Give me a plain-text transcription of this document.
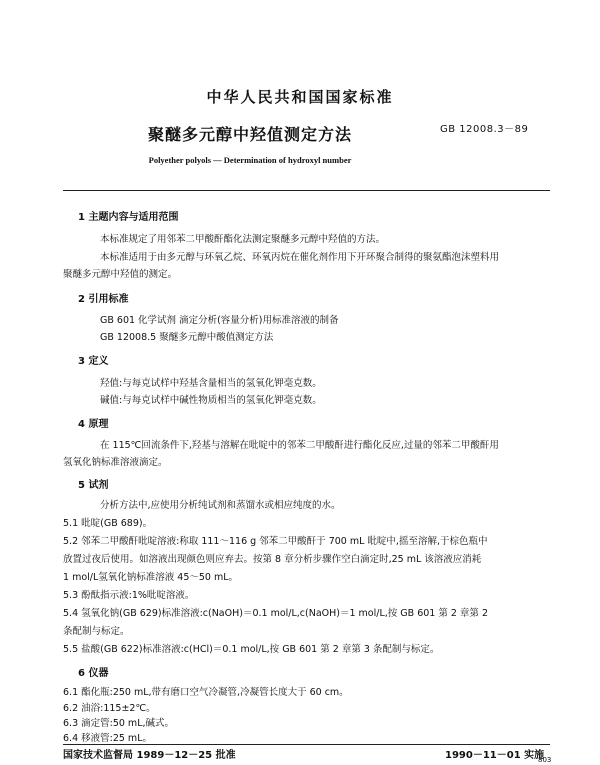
中华人民共和国国家标准
GB 12008.3－89
聚醚多元醇中羟值测定方法
Polyether polyols — Determination of hydroxyl number
1 主题内容与适用范围
本标准规定了用邻苯二甲酸酐酯化法测定聚醚多元醇中羟值的方法。
本标准适用于由多元醇与环氧乙烷、环氧丙烷在催化剂作用下开环聚合制得的聚氨酯泡沫塑料用
聚醚多元醇中羟值的测定。
2 引用标准
GB 601 化学试剂 滴定分析(容量分析)用标准溶液的制备
GB 12008.5 聚醚多元醇中酸值测定方法
3 定义
羟值:与每克试样中羟基含量相当的氢氧化钾毫克数。
碱值:与每克试样中碱性物质相当的氢氧化钾毫克数。
4 原理
在 115℃回流条件下,羟基与溶解在吡啶中的邻苯二甲酸酐进行酯化反应,过量的邻苯二甲酸酐用
氢氧化钠标准溶液滴定。
5 试剂
分析方法中,应使用分析纯试剂和蒸馏水或相应纯度的水。
5.1 吡啶(GB 689)。
5.2 邻苯二甲酸酐吡啶溶液:称取 111～116 g 邻苯二甲酸酐于 700 mL 吡啶中,摇至溶解,于棕色瓶中
放置过夜后使用。如溶液出现颜色则应弃去。按第 8 章分析步骤作空白滴定时,25 mL 该溶液应消耗
1 mol/L氢氧化钠标准溶液 45～50 mL。
5.3 酚酞指示液:1%吡啶溶液。
5.4 氢氧化钠(GB 629)标准溶液:c(NaOH)＝0.1 mol/L,c(NaOH)＝1 mol/L,按 GB 601 第 2 章第 2
条配制与标定。
5.5 盐酸(GB 622)标准溶液:c(HCl)＝0.1 mol/L,按 GB 601 第 2 章第 3 条配制与标定。
6 仪器
6.1 酯化瓶:250 mL,带有磨口空气冷凝管,冷凝管长度大于 60 cm。
6.2 油浴:115±2℃。
6.3 滴定管:50 mL,碱式。
6.4 移液管:25 mL。
国家技术监督局 1989－12－25 批准	1990－11－01 实施
803
